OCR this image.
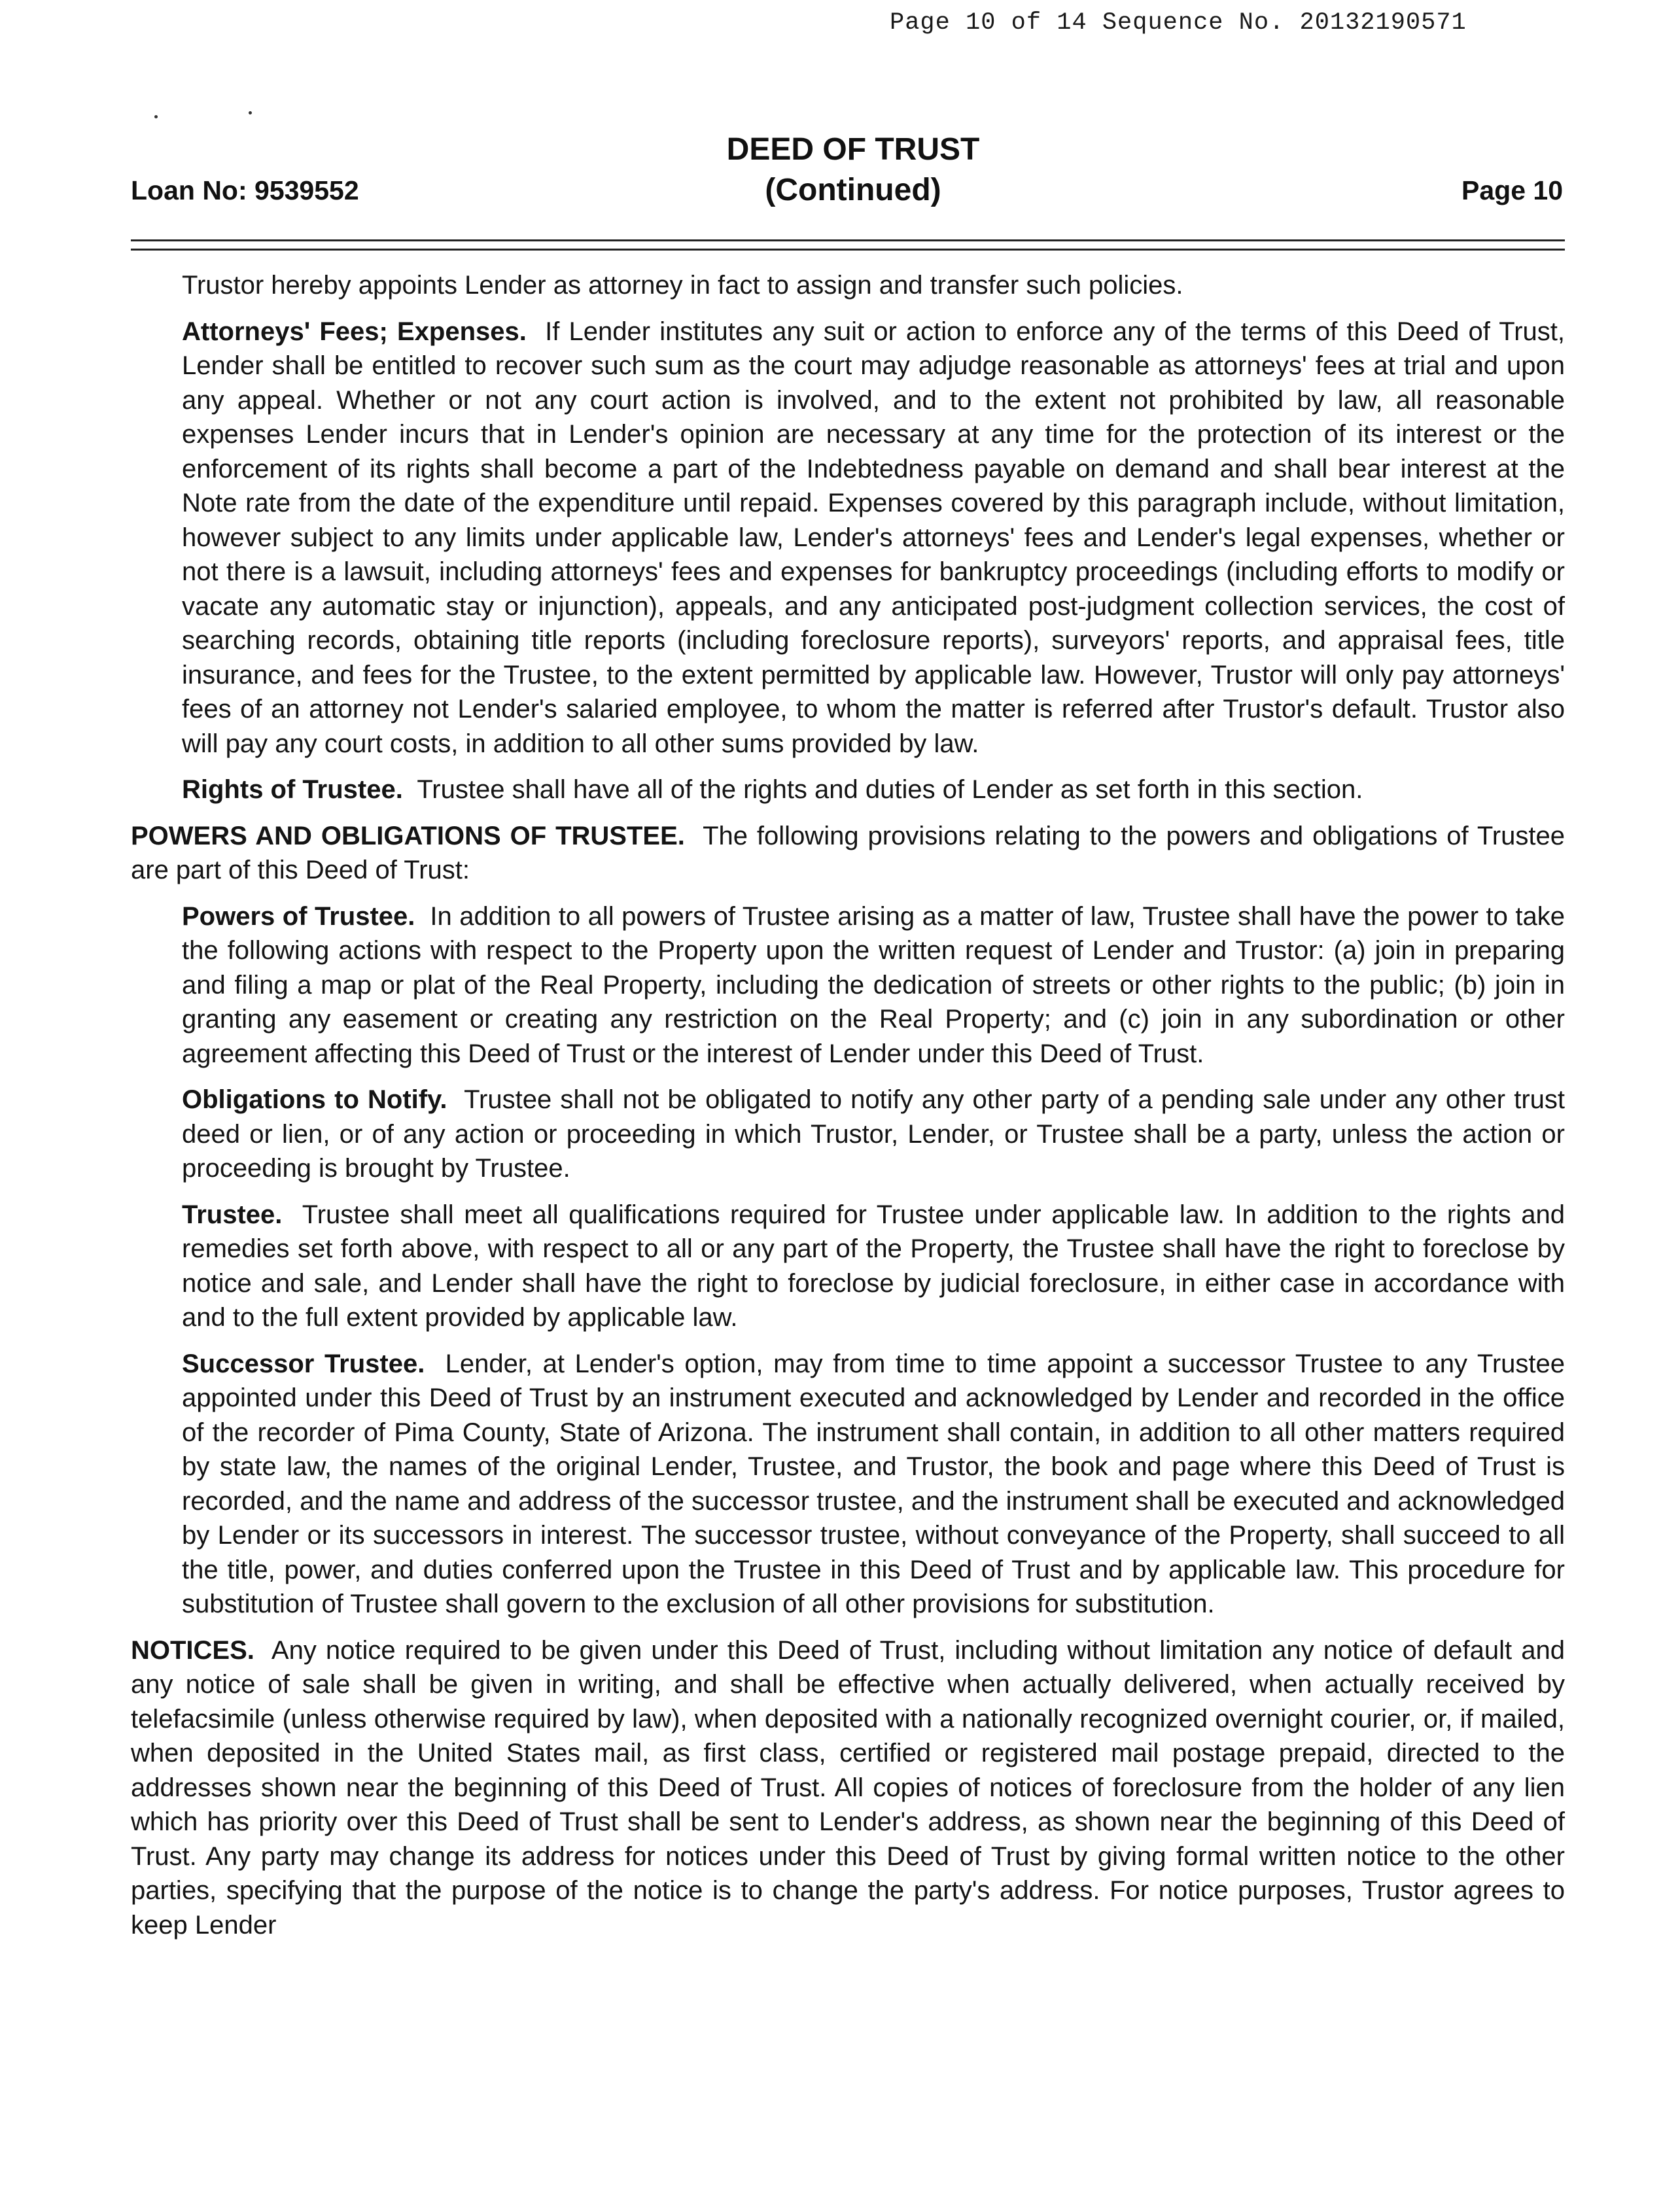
Page 10 of 14 Sequence No. 20132190571
DEED OF TRUST
(Continued)
Loan No: 9539552	Page 10

Trustor hereby appoints Lender as attorney in fact to assign and transfer such policies.

Attorneys' Fees; Expenses. If Lender institutes any suit or action to enforce any of the terms of this Deed of Trust, Lender shall be entitled to recover such sum as the court may adjudge reasonable as attorneys' fees at trial and upon any appeal. Whether or not any court action is involved, and to the extent not prohibited by law, all reasonable expenses Lender incurs that in Lender's opinion are necessary at any time for the protection of its interest or the enforcement of its rights shall become a part of the Indebtedness payable on demand and shall bear interest at the Note rate from the date of the expenditure until repaid. Expenses covered by this paragraph include, without limitation, however subject to any limits under applicable law, Lender's attorneys' fees and Lender's legal expenses, whether or not there is a lawsuit, including attorneys' fees and expenses for bankruptcy proceedings (including efforts to modify or vacate any automatic stay or injunction), appeals, and any anticipated post-judgment collection services, the cost of searching records, obtaining title reports (including foreclosure reports), surveyors' reports, and appraisal fees, title insurance, and fees for the Trustee, to the extent permitted by applicable law. However, Trustor will only pay attorneys' fees of an attorney not Lender's salaried employee, to whom the matter is referred after Trustor's default. Trustor also will pay any court costs, in addition to all other sums provided by law.

Rights of Trustee. Trustee shall have all of the rights and duties of Lender as set forth in this section.

POWERS AND OBLIGATIONS OF TRUSTEE. The following provisions relating to the powers and obligations of Trustee are part of this Deed of Trust:

Powers of Trustee. In addition to all powers of Trustee arising as a matter of law, Trustee shall have the power to take the following actions with respect to the Property upon the written request of Lender and Trustor: (a) join in preparing and filing a map or plat of the Real Property, including the dedication of streets or other rights to the public; (b) join in granting any easement or creating any restriction on the Real Property; and (c) join in any subordination or other agreement affecting this Deed of Trust or the interest of Lender under this Deed of Trust.

Obligations to Notify. Trustee shall not be obligated to notify any other party of a pending sale under any other trust deed or lien, or of any action or proceeding in which Trustor, Lender, or Trustee shall be a party, unless the action or proceeding is brought by Trustee.

Trustee. Trustee shall meet all qualifications required for Trustee under applicable law. In addition to the rights and remedies set forth above, with respect to all or any part of the Property, the Trustee shall have the right to foreclose by notice and sale, and Lender shall have the right to foreclose by judicial foreclosure, in either case in accordance with and to the full extent provided by applicable law.

Successor Trustee. Lender, at Lender's option, may from time to time appoint a successor Trustee to any Trustee appointed under this Deed of Trust by an instrument executed and acknowledged by Lender and recorded in the office of the recorder of Pima County, State of Arizona. The instrument shall contain, in addition to all other matters required by state law, the names of the original Lender, Trustee, and Trustor, the book and page where this Deed of Trust is recorded, and the name and address of the successor trustee, and the instrument shall be executed and acknowledged by Lender or its successors in interest. The successor trustee, without conveyance of the Property, shall succeed to all the title, power, and duties conferred upon the Trustee in this Deed of Trust and by applicable law. This procedure for substitution of Trustee shall govern to the exclusion of all other provisions for substitution.

NOTICES. Any notice required to be given under this Deed of Trust, including without limitation any notice of default and any notice of sale shall be given in writing, and shall be effective when actually delivered, when actually received by telefacsimile (unless otherwise required by law), when deposited with a nationally recognized overnight courier, or, if mailed, when deposited in the United States mail, as first class, certified or registered mail postage prepaid, directed to the addresses shown near the beginning of this Deed of Trust. All copies of notices of foreclosure from the holder of any lien which has priority over this Deed of Trust shall be sent to Lender's address, as shown near the beginning of this Deed of Trust. Any party may change its address for notices under this Deed of Trust by giving formal written notice to the other parties, specifying that the purpose of the notice is to change the party's address. For notice purposes, Trustor agrees to keep Lender
